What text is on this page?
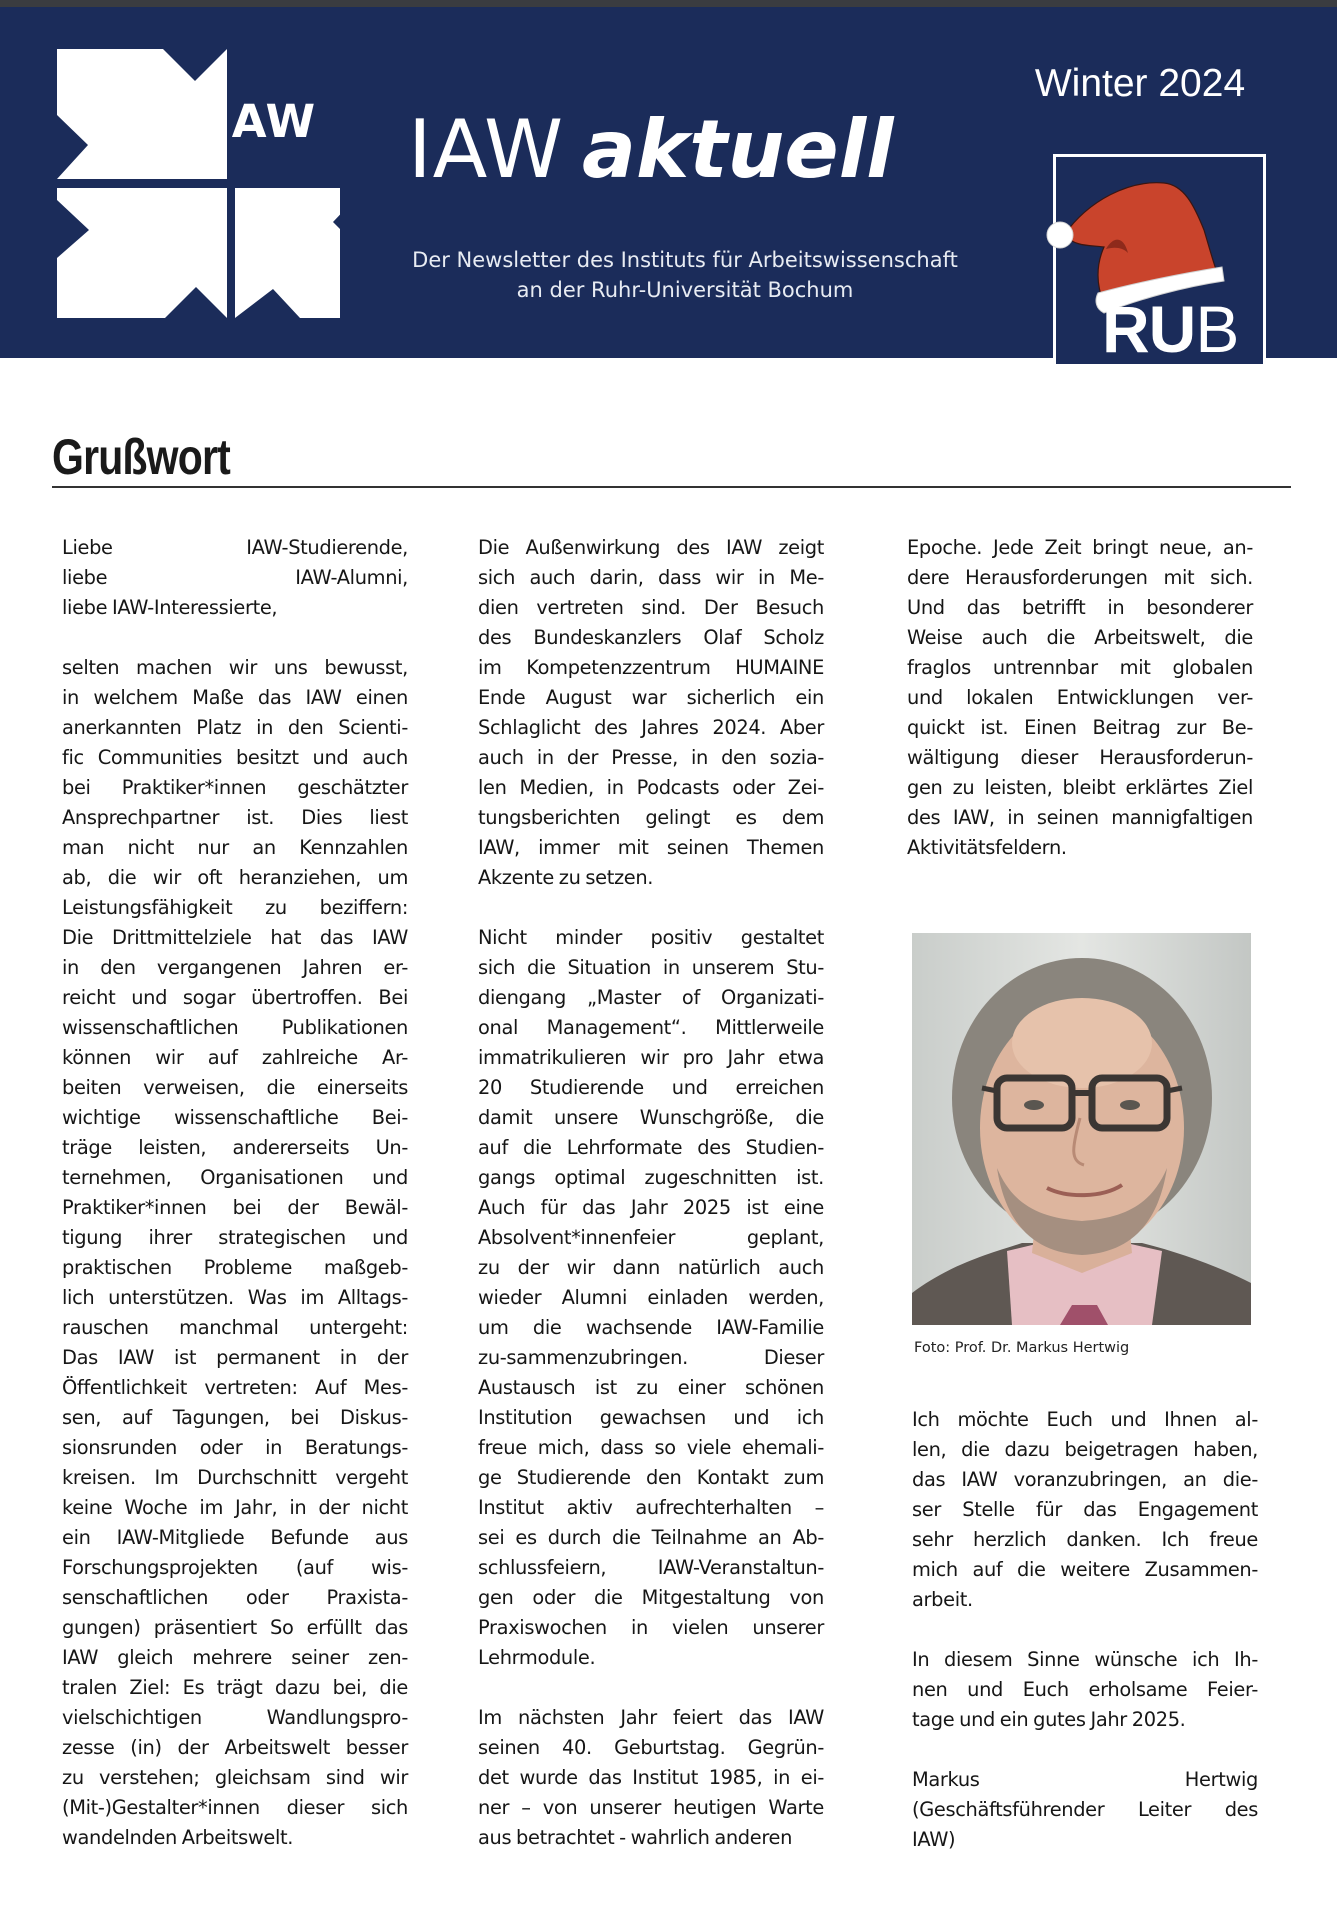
IAW IAW aktuell
Der Newsletter des Instituts für Arbeitswissenschaft
an der Ruhr-Universität Bochum
Winter 2024
RUB
Grußwort
Liebe IAW-Studierende,
liebe IAW-Alumni,
liebe IAW-Interessierte,
selten machen wir uns bewusst,
in welchem Maße das IAW einen
anerkannten Platz in den Scienti-
fic Communities besitzt und auch
bei Praktiker*innen geschätzter
Ansprechpartner ist. Dies liest
man nicht nur an Kennzahlen
ab, die wir oft heranziehen, um
Leistungsfähigkeit zu beziffern:
Die Drittmittelziele hat das IAW
in den vergangenen Jahren er-
reicht und sogar übertroffen. Bei
wissenschaftlichen Publikationen
können wir auf zahlreiche Ar-
beiten verweisen, die einerseits
wichtige wissenschaftliche Bei-
träge leisten, andererseits Un-
ternehmen, Organisationen und
Praktiker*innen bei der Bewäl-
tigung ihrer strategischen und
praktischen Probleme maßgeb-
lich unterstützen. Was im Alltags-
rauschen manchmal untergeht:
Das IAW ist permanent in der
Öffentlichkeit vertreten: Auf Mes-
sen, auf Tagungen, bei Diskus-
sionsrunden oder in Beratungs-
kreisen. Im Durchschnitt vergeht
keine Woche im Jahr, in der nicht
ein IAW-Mitgliede Befunde aus
Forschungsprojekten (auf wis-
senschaftlichen oder Praxista-
gungen) präsentiert So erfüllt das
IAW gleich mehrere seiner zen-
tralen Ziel: Es trägt dazu bei, die
vielschichtigen Wandlungspro-
zesse (in) der Arbeitswelt besser
zu verstehen; gleichsam sind wir
(Mit-)Gestalter*innen dieser sich
wandelnden Arbeitswelt.
Die Außenwirkung des IAW zeigt
sich auch darin, dass wir in Me-
dien vertreten sind. Der Besuch
des Bundeskanzlers Olaf Scholz
im Kompetenzzentrum HUMAINE
Ende August war sicherlich ein
Schlaglicht des Jahres 2024. Aber
auch in der Presse, in den sozia-
len Medien, in Podcasts oder Zei-
tungsberichten gelingt es dem
IAW, immer mit seinen Themen
Akzente zu setzen.
Nicht minder positiv gestaltet
sich die Situation in unserem Stu-
diengang „Master of Organizati-
onal Management“. Mittlerweile
immatrikulieren wir pro Jahr etwa
20 Studierende und erreichen
damit unsere Wunschgröße, die
auf die Lehrformate des Studien-
gangs optimal zugeschnitten ist.
Auch für das Jahr 2025 ist eine
Absolvent*innenfeier geplant,
zu der wir dann natürlich auch
wieder Alumni einladen werden,
um die wachsende IAW-Familie
zu-sammenzubringen. Dieser
Austausch ist zu einer schönen
Institution gewachsen und ich
freue mich, dass so viele ehemali-
ge Studierende den Kontakt zum
Institut aktiv aufrechterhalten –
sei es durch die Teilnahme an Ab-
schlussfeiern, IAW-Veranstaltun-
gen oder die Mitgestaltung von
Praxiswochen in vielen unserer
Lehrmodule.
Im nächsten Jahr feiert das IAW
seinen 40. Geburtstag. Gegrün-
det wurde das Institut 1985, in ei-
ner – von unserer heutigen Warte
aus betrachtet - wahrlich anderen
Epoche. Jede Zeit bringt neue, an-
dere Herausforderungen mit sich.
Und das betrifft in besonderer
Weise auch die Arbeitswelt, die
fraglos untrennbar mit globalen
und lokalen Entwicklungen ver-
quickt ist. Einen Beitrag zur Be-
wältigung dieser Herausforderun-
gen zu leisten, bleibt erklärtes Ziel
des IAW, in seinen mannigfaltigen
Aktivitätsfeldern.
Foto: Prof. Dr. Markus Hertwig
Ich möchte Euch und Ihnen al-
len, die dazu beigetragen haben,
das IAW voranzubringen, an die-
ser Stelle für das Engagement
sehr herzlich danken. Ich freue
mich auf die weitere Zusammen-
arbeit.
In diesem Sinne wünsche ich Ih-
nen und Euch erholsame Feier-
tage und ein gutes Jahr 2025.
Markus Hertwig
(Geschäftsführender Leiter des
IAW)
